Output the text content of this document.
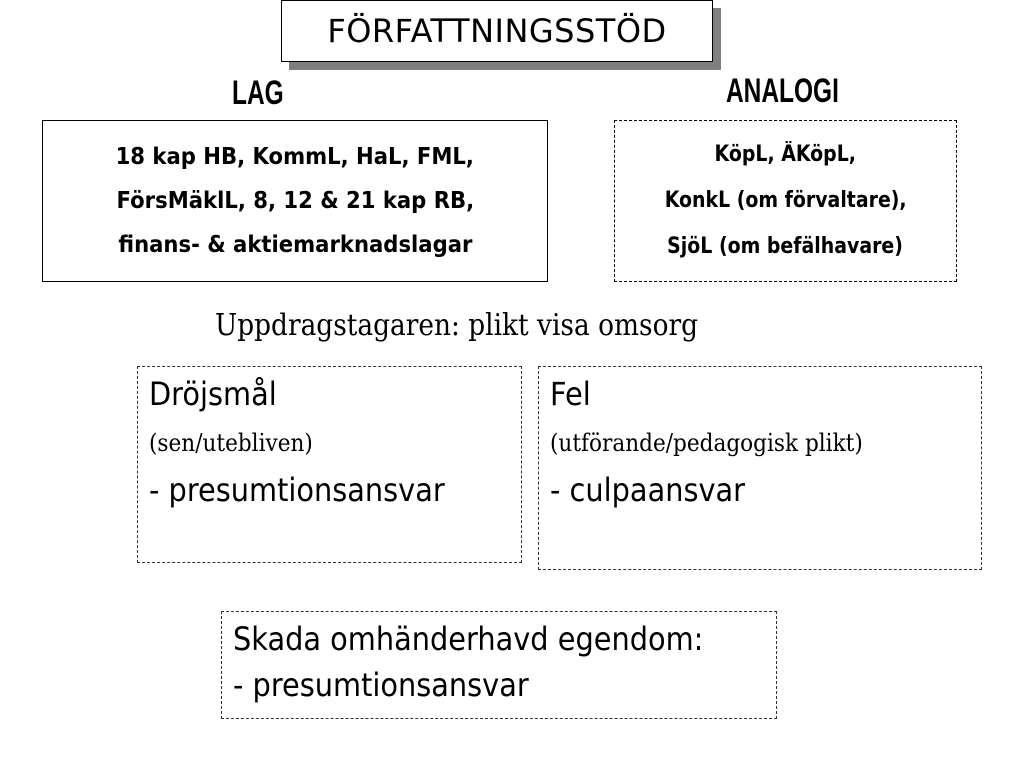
FÖRFATTNINGSSTÖD
LAG	ANALOGI
18 kap HB, KommL, HaL, FML,
FörsMäklL, 8, 12 & 21 kap RB,
finans- & aktiemarknadslagar
KöpL, ÄKöpL,
KonkL (om förvaltare),
SjöL (om befälhavare)
Uppdragstagaren: plikt visa omsorg
Dröjsmål
(sen/utebliven)
- presumtionsansvar
Fel
(utförande/pedagogisk plikt)
- culpaansvar
Skada omhänderhavd egendom:
- presumtionsansvar
